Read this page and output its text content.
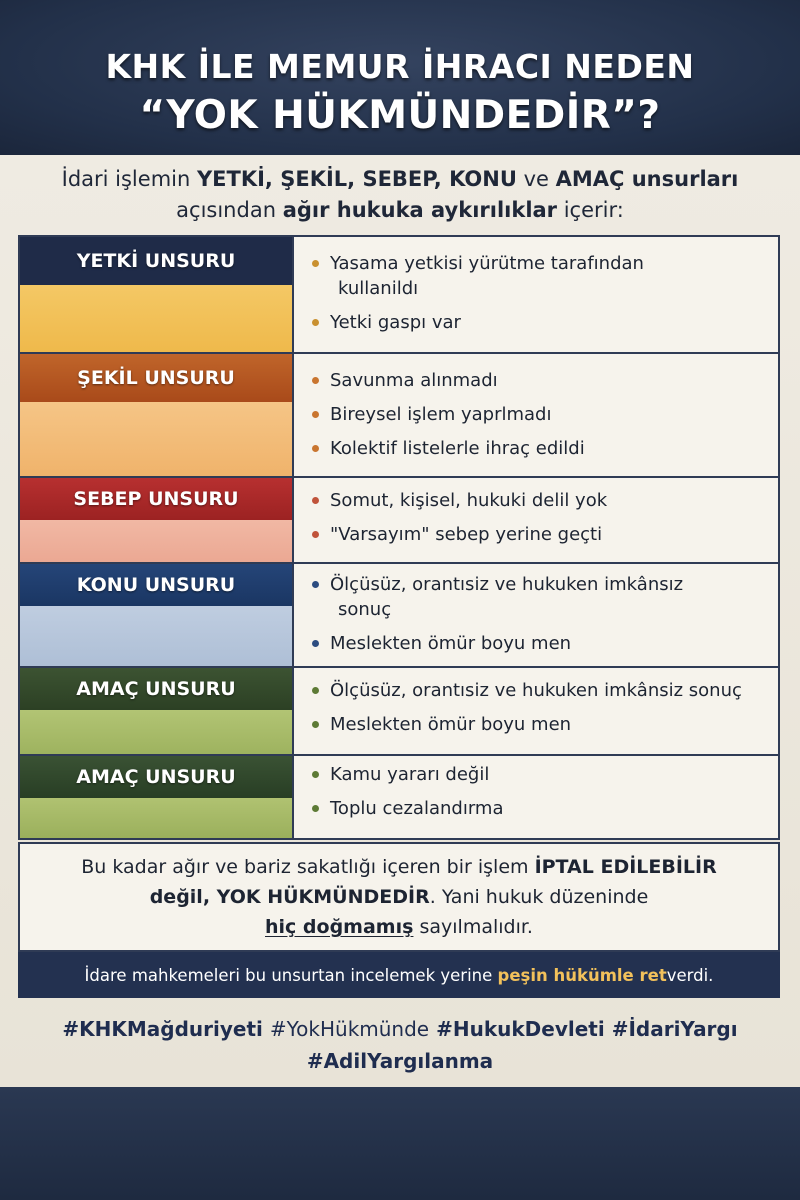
KHK İLE MEMUR İHRACI NEDEN
“YOK HÜKMÜNDEDİR”?

İdari işlemin YETKİ, ŞEKİL, SEBEP, KONU ve AMAÇ unsurları

açısından ağır hukuka aykırılıklar içerir:

YETKİ UNSURU	Yasama yetkisi yürütme tarafından
kullanildı
Yetki gaspı var
ŞEKİL UNSURU	Savunma alınmadı
Bireysel işlem yaprlmadı
Kolektif listelerle ihraç edildi
SEBEP UNSURU	Somut, kişisel, hukuki delil yok
"Varsayım" sebep yerine geçti
KONU UNSURU	Ölçüsüz, orantısiz ve hukuken imkânsız
sonuç
Meslekten ömür boyu men
AMAÇ UNSURU	Ölçüsüz, orantısiz ve hukuken imkânsiz sonuç
Meslekten ömür boyu men
AMAÇ UNSURU	Kamu yararı değil
Toplu cezalandırma

Bu kadar ağır ve bariz sakatlığı içeren bir işlem İPTAL EDİLEBİLİR

değil, YOK HÜKMÜNDEDİR. Yani hukuk düzeninde

hiç doğmamış sayılmalıdır.

İdare mahkemeleri bu unsurtan incelemek yerine
peşin hükümle ret verdi.

#KHKMağduriyeti #YokHükmünde #HukukDevleti #İdariYargı

#AdilYargılanma
